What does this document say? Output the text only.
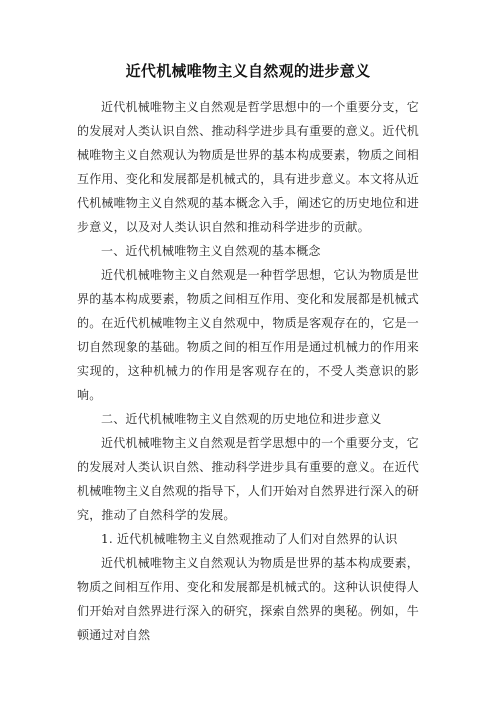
近代机械唯物主义自然观的进步意义

近代机械唯物主义自然观是哲学思想中的一个重要分支，它的发展对人类认识自然、推动科学进步具有重要的意义。近代机械唯物主义自然观认为物质是世界的基本构成要素，物质之间相互作用、变化和发展都是机械式的，具有进步意义。本文将从近代机械唯物主义自然观的基本概念入手，阐述它的历史地位和进步意义，以及对人类认识自然和推动科学进步的贡献。

一、近代机械唯物主义自然观的基本概念

近代机械唯物主义自然观是一种哲学思想，它认为物质是世界的基本构成要素，物质之间相互作用、变化和发展都是机械式的。在近代机械唯物主义自然观中，物质是客观存在的，它是一切自然现象的基础。物质之间的相互作用是通过机械力的作用来实现的，这种机械力的作用是客观存在的，不受人类意识的影响。

二、近代机械唯物主义自然观的历史地位和进步意义

近代机械唯物主义自然观是哲学思想中的一个重要分支，它的发展对人类认识自然、推动科学进步具有重要的意义。在近代机械唯物主义自然观的指导下，人们开始对自然界进行深入的研究，推动了自然科学的发展。

1. 近代机械唯物主义自然观推动了人们对自然界的认识

近代机械唯物主义自然观认为物质是世界的基本构成要素，物质之间相互作用、变化和发展都是机械式的。这种认识使得人们开始对自然界进行深入的研究，探索自然界的奥秘。例如，牛顿通过对自然
